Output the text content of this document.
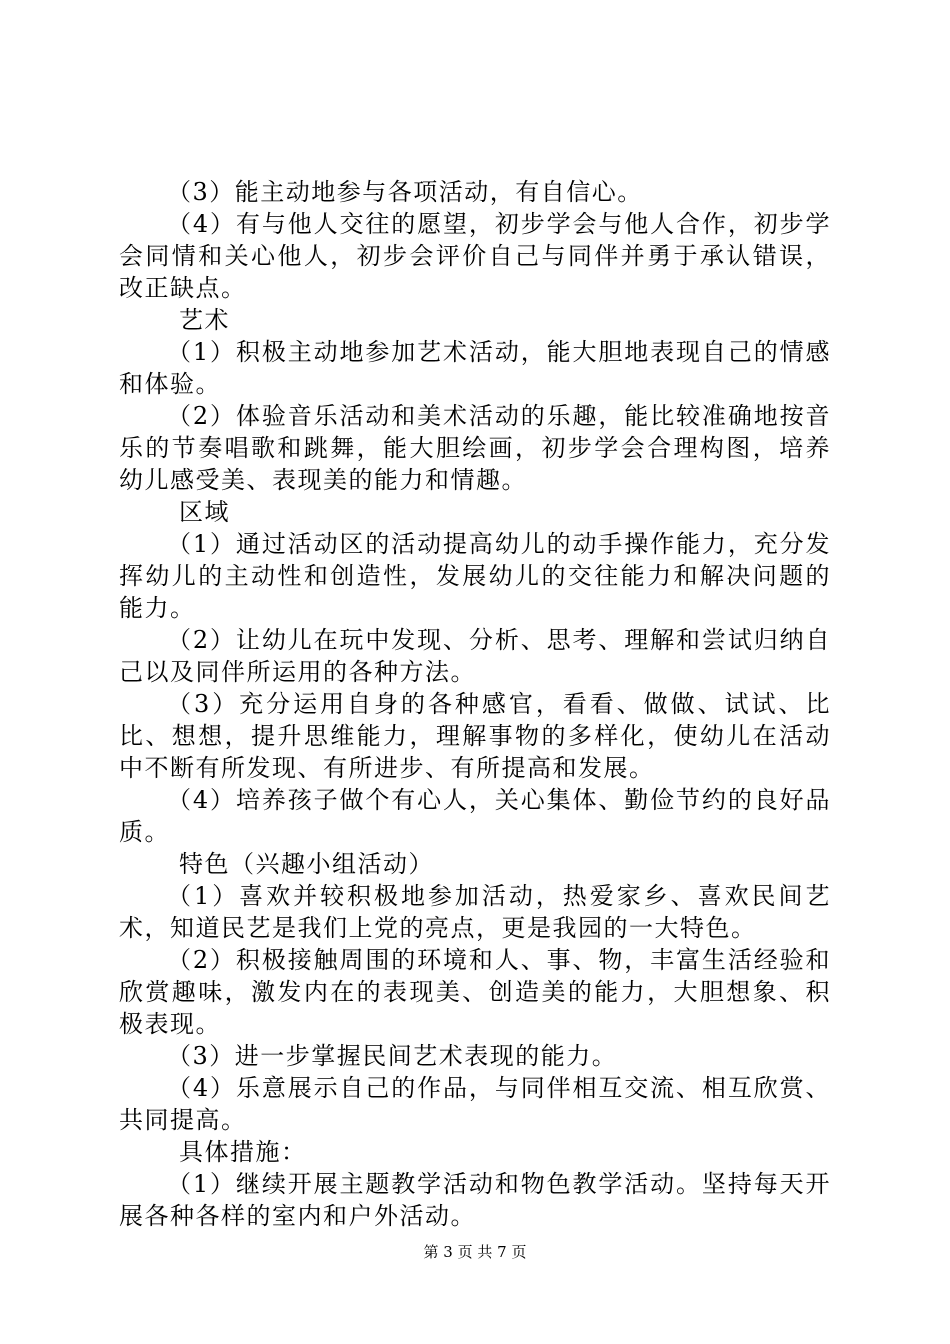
（3）能主动地参与各项活动，有自信心。

（4）有与他人交往的愿望，初步学会与他人合作，初步学会同情和关心他人，初步会评价自己与同伴并勇于承认错误，改正缺点。

艺术

（1）积极主动地参加艺术活动，能大胆地表现自己的情感和体验。

（2）体验音乐活动和美术活动的乐趣，能比较准确地按音乐的节奏唱歌和跳舞，能大胆绘画，初步学会合理构图，培养幼儿感受美、表现美的能力和情趣。

区域

（1）通过活动区的活动提高幼儿的动手操作能力，充分发挥幼儿的主动性和创造性，发展幼儿的交往能力和解决问题的能力。

（2）让幼儿在玩中发现、分析、思考、理解和尝试归纳自己以及同伴所运用的各种方法。

（3）充分运用自身的各种感官，看看、做做、试试、比比、想想，提升思维能力，理解事物的多样化，使幼儿在活动中不断有所发现、有所进步、有所提高和发展。

（4）培养孩子做个有心人，关心集体、勤俭节约的良好品质。

特色（兴趣小组活动）

（1）喜欢并较积极地参加活动，热爱家乡、喜欢民间艺术，知道民艺是我们上党的亮点，更是我园的一大特色。

（2）积极接触周围的环境和人、事、物，丰富生活经验和欣赏趣味，激发内在的表现美、创造美的能力，大胆想象、积极表现。

（3）进一步掌握民间艺术表现的能力。

（4）乐意展示自己的作品，与同伴相互交流、相互欣赏、共同提高。

具体措施：

（1）继续开展主题教学活动和物色教学活动。坚持每天开展各种各样的室内和户外活动。

第 3 页 共 7 页
